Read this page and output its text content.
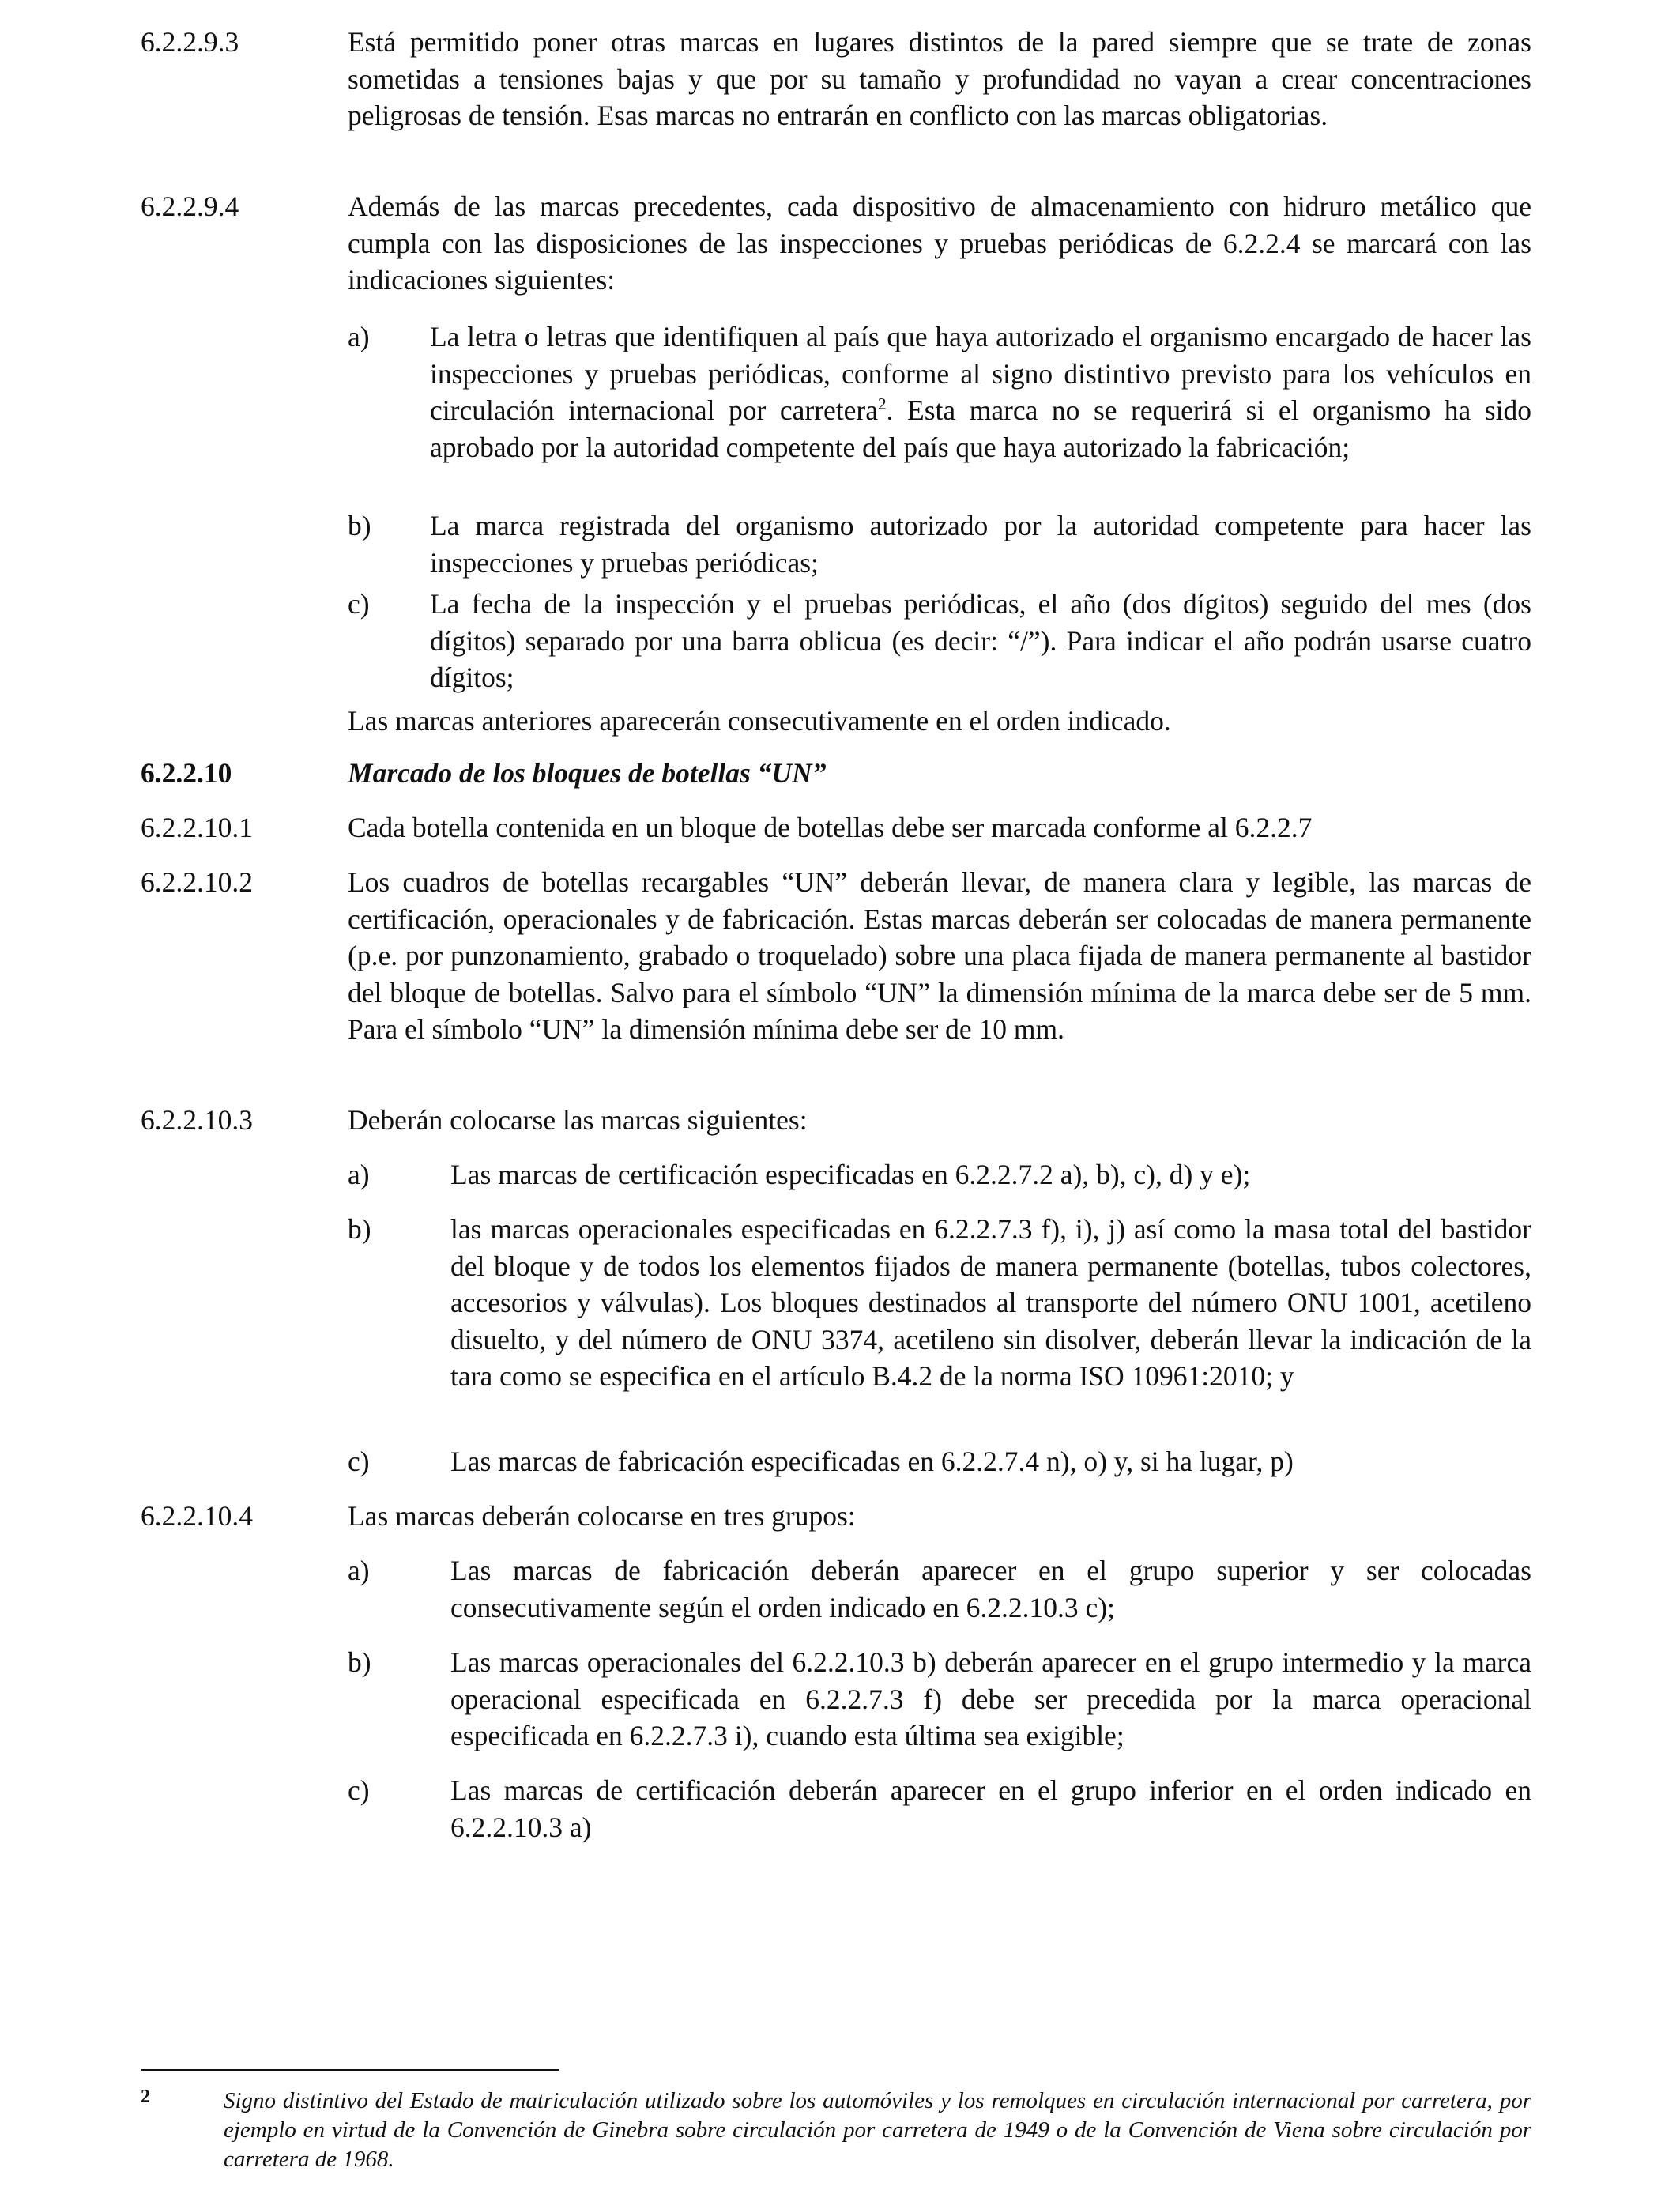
6.2.2.9.3	Está permitido poner otras marcas en lugares distintos de la pared siempre que se trate de zonas sometidas a tensiones bajas y que por su tamaño y profundidad no vayan a crear concentraciones peligrosas de tensión. Esas marcas no entrarán en conflicto con las marcas obligatorias.
6.2.2.9.4	Además de las marcas precedentes, cada dispositivo de almacenamiento con hidruro metálico que cumpla con las disposiciones de las inspecciones y pruebas periódicas de 6.2.2.4 se marcará con las indicaciones siguientes:
a) La letra o letras que identifiquen al país que haya autorizado el organismo encargado de hacer las inspecciones y pruebas periódicas, conforme al signo distintivo previsto para los vehículos en circulación internacional por carretera$^2$. Esta marca no se requerirá si el organismo ha sido aprobado por la autoridad competente del país que haya autorizado la fabricación;
b) La marca registrada del organismo autorizado por la autoridad competente para hacer las inspecciones y pruebas periódicas;
c) La fecha de la inspección y el pruebas periódicas, el año (dos dígitos) seguido del mes (dos dígitos) separado por una barra oblicua (es decir: “/”). Para indicar el año podrán usarse cuatro dígitos;
Las marcas anteriores aparecerán consecutivamente en el orden indicado.
6.2.2.10	Marcado de los bloques de botellas “UN”
6.2.2.10.1	Cada botella contenida en un bloque de botellas debe ser marcada conforme al 6.2.2.7
6.2.2.10.2	Los cuadros de botellas recargables “UN” deberán llevar, de manera clara y legible, las marcas de certificación, operacionales y de fabricación. Estas marcas deberán ser colocadas de manera permanente (p.e. por punzonamiento, grabado o troquelado) sobre una placa fijada de manera permanente al bastidor del bloque de botellas. Salvo para el símbolo “UN” la dimensión mínima de la marca debe ser de 5 mm. Para el símbolo “UN” la dimensión mínima debe ser de 10 mm.
6.2.2.10.3	Deberán colocarse las marcas siguientes:
a)	Las marcas de certificación especificadas en 6.2.2.7.2 a), b), c), d) y e);
b)	las marcas operacionales especificadas en 6.2.2.7.3 f), i), j) así como la masa total del bastidor del bloque y de todos los elementos fijados de manera permanente (botellas, tubos colectores, accesorios y válvulas). Los bloques destinados al transporte del número ONU 1001, acetileno disuelto, y del número de ONU 3374, acetileno sin disolver, deberán llevar la indicación de la tara como se especifica en el artículo B.4.2 de la norma ISO 10961:2010; y
c)	Las marcas de fabricación especificadas en 6.2.2.7.4 n), o) y, si ha lugar, p)
6.2.2.10.4	Las marcas deberán colocarse en tres grupos:
a)	Las marcas de fabricación deberán aparecer en el grupo superior y ser colocadas consecutivamente según el orden indicado en 6.2.2.10.3 c);
b)	Las marcas operacionales del 6.2.2.10.3 b) deberán aparecer en el grupo intermedio y la marca operacional especificada en 6.2.2.7.3 f) debe ser precedida por la marca operacional especificada en 6.2.2.7.3 i), cuando esta última sea exigible;
c)	Las marcas de certificación deberán aparecer en el grupo inferior en el orden indicado en 6.2.2.10.3 a)
2	Signo distintivo del Estado de matriculación utilizado sobre los automóviles y los remolques en circulación internacional por carretera, por ejemplo en virtud de la Convención de Ginebra sobre circulación por carretera de 1949 o de la Convención de Viena sobre circulación por carretera de 1968.
